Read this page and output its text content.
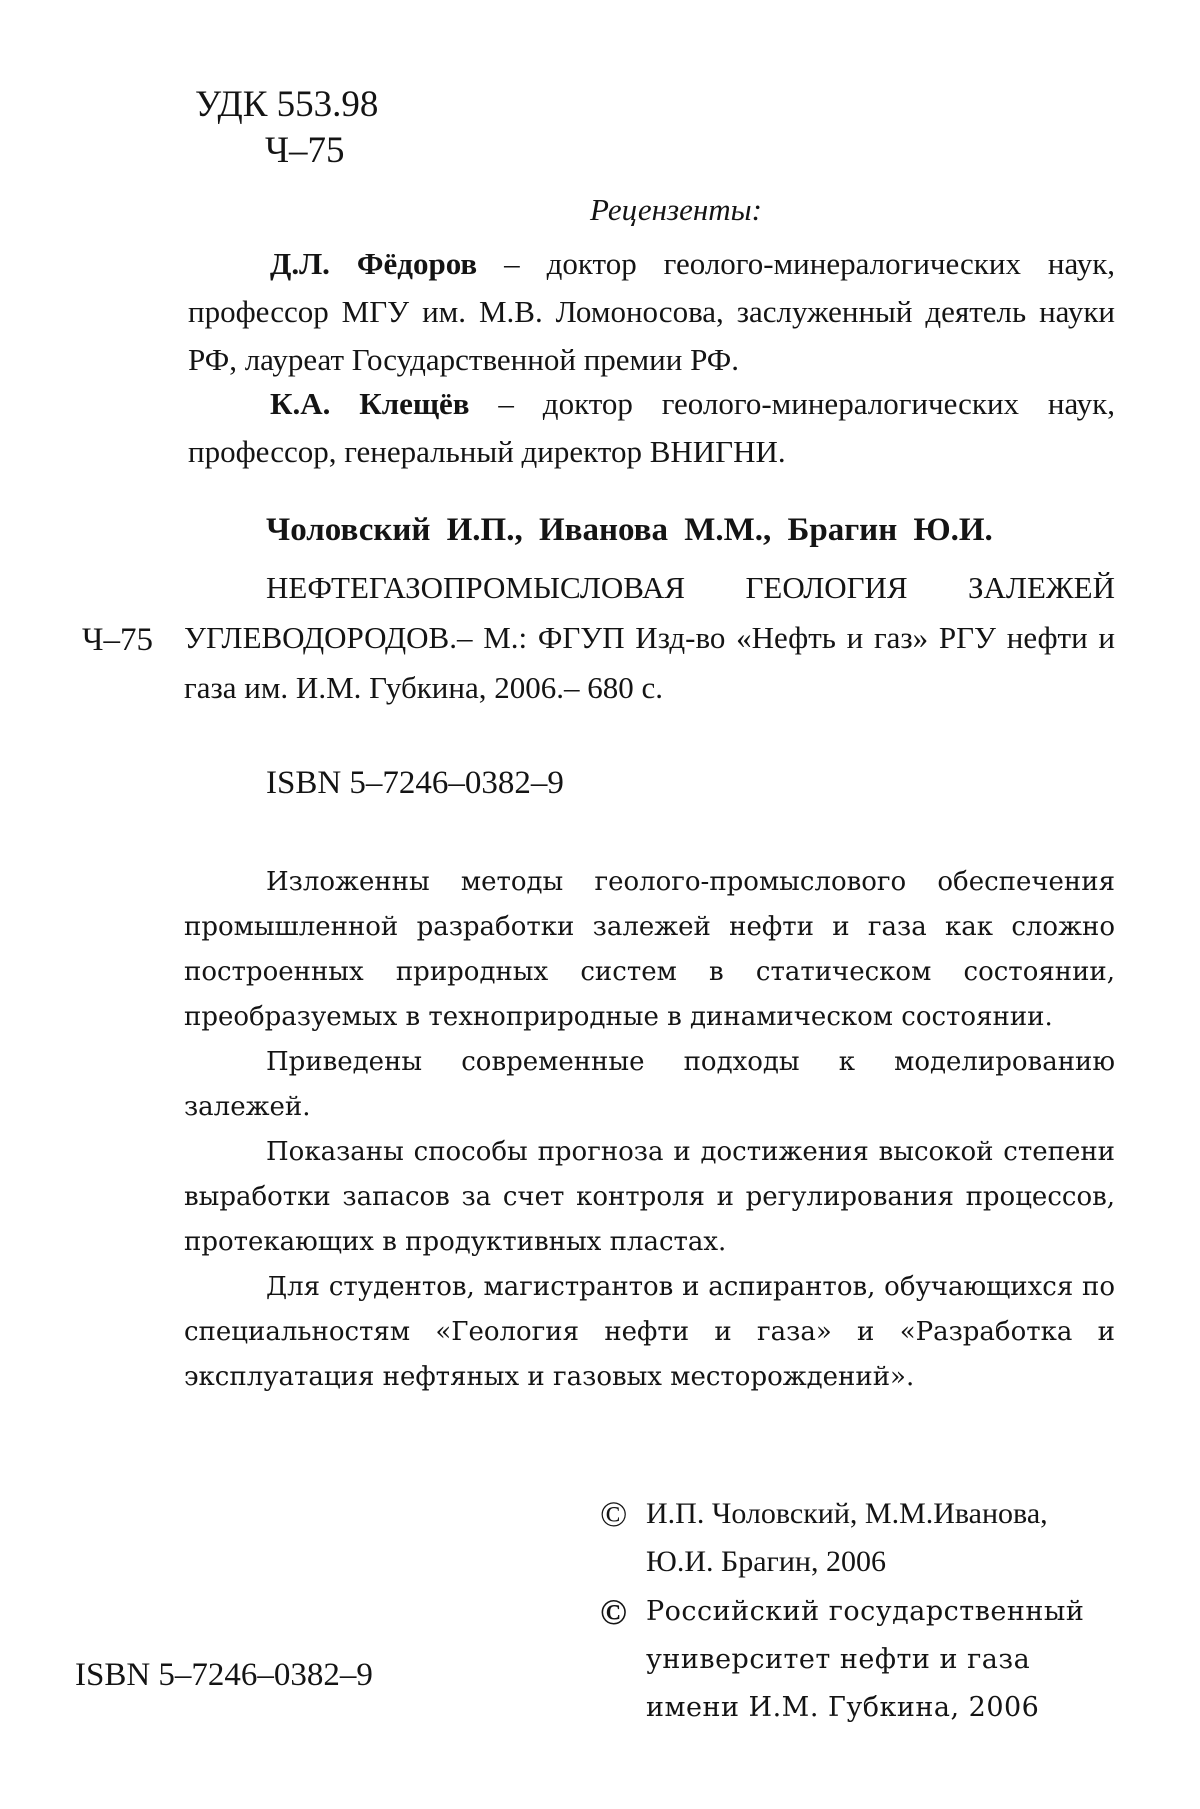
УДК 553.98
Ч–75
Рецензенты:
Д.Л. Фёдоров – доктор геолого-минералогических наук, профессор МГУ им. М.В. Ломоносова, заслуженный деятель науки РФ, лауреат Государственной премии РФ.
К.А. Клещёв – доктор геолого-минералогических наук, профессор, генеральный директор ВНИГНИ.
Чоловский И.П., Иванова М.М., Брагин Ю.И.
Ч–75
НЕФТЕГАЗОПРОМЫСЛОВАЯ ГЕОЛОГИЯ ЗАЛЕЖЕЙ УГЛЕВОДОРОДОВ.– М.: ФГУП Изд-во «Нефть и газ» РГУ нефти и газа им. И.М. Губкина, 2006.– 680 с.
ISBN 5–7246–0382–9

Изложенны методы геолого-промыслового обеспечения промышленной разработки залежей нефти и газа как сложно построенных природных систем в статическом состоянии, преобразуемых в технoприродные в динамическом состоянии.

Приведены современные подходы к моделированию залежей.

Показаны способы прогноза и достижения высокой степени выработки запасов за счет контроля и регулирования процессов, протекающих в продуктивных пластах.

Для студентов, магистрантов и аспирантов, обучающихся по специальностям «Геология нефти и газа» и «Разработка и эксплуатация нефтяных и газовых месторождений».

© И.П. Чоловский, М.М.Иванова, Ю.И. Брагин, 2006
© Российский государственный университет нефти и газа имени И.М. Губкина, 2006
ISBN 5–7246–0382–9
